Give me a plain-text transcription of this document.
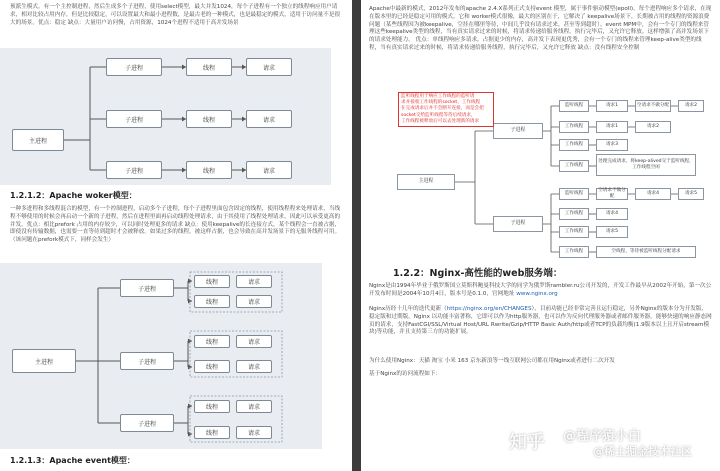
预派生模式。有一个主控制进程，然后生成多个子进程，使用select模型，最大并发1024，每个子进程有一个独立的线程响应用户请求，相对比较占用内存，但是比较稳定，可以设置最大和最小进程数，是最古老的一种模式，也是最稳定的模式，适用于访问量不是很大的场景。优点：稳定 缺点：大量用户访问慢，占用资源，1024个进程不适用于高并发场景
主进程
子进程	线程	请求
子进程	线程	请求
子进程	线程	请求
1.2.1.2：Apache woker模型：
一种多进程和多线程混合的模型，有一个控制进程，启动多个子进程，每个子进程里面包含固定的线程，使用线程程来处理请求，当线程不够使用的时候会再启动一个新的子进程，然后在进程里面再启动线程处理请求，由于其使用了线程处理请求，因此可以承受更高的并发。优点：相比prefork 占用的内存较少，可以同时处理更多的请求 缺点：使用keepalive的长连接方式，某个线程会一直被占据，即使没有传输数据，也需要一直等待到超时才会被释放。如果过多的线程，被这样占据，也会导致在高并发场景下的无服务线程可用。（该问题在prefork模式下，同样会发生）
主进程
子进程
线程	请求
线程	请求
子进程
线程	请求
线程	请求
子进程
线程	请求
线程	请求
1.2.1.3：Apache event模型：
Apache中最新的模式，2012年发布的apache 2.4.X系列正式支持event 模型，属于事件驱动模型(epoll)，每个进程响应多个请求，在现在版本里的已经是稳定可用的模式。它和 worker模式很像，最大的区别在于，它解决了 keepalive场景下，长期被占用的线程的资源浪费问题（某些线程因为被keepalive，空挂在哪里等待，中间几乎没有请求过来，甚至等到超时）。event MPM中，会有一个专门的线程来管理这些keepalive类型的线程，当有真实请求过来的时候，将请求传递给服务线程，执行完毕后，又允许它释放。这样增强了高并发场景下的请求处理能力。 优点：单线程响应多请求，占据更少的内存，高并发下表现更优秀，会有一个专门的线程来管理keep-alive类型的线程，当有真实请求过来的时候，将请求传递给服务线程，执行完毕后，又允许它释放 缺点：没有线程安全控制
主进程
子进程
监听线程	请求1	空请求不做分配	请求2
工作线程	请求1	请求2
工作线程	请求3
工作线程
处理完成请求，将keep-alived交于监听线程，工作线程空闲
子进程
监听线程
空请求不做分配
请求4	请求5
工作线程	请求4
工作线程	请求5
工作线程	空线程，等待被监听线程分配请求
监听线程用于响应工作线程的监听请
求并接收工作线程的socket，工作线程
在完成请求后并不会断开连接，而是会把
socket交给监听线程等待后续请求，
工作线程被释放后可以去处理新的请求
1.2.2：Nginx-高性能的web服务端：
Nginx是由1994年毕业于俄罗斯国立莫斯科鲍曼科技大学的同学为俄罗斯rambler.ru公司开发的，开发工作最早从2002年开始，第一次公开发布时间是2004年10月4日，版本号是0.1.0，官网地址 www.nginx.org
Nginx历经十几年的迭代更新（https://nginx.org/en/CHANGES），目前功能已经非常完善且运行稳定，另外Nginx的版本分为开发版、稳定版和过期版，Nginx 以功能丰富著称，它即可以作为http服务器，也可以作为反向代理服务器或者邮件服务器，能够快速的响应静态网页的请求，支持FastCGI/SSL/Virtual Host/URL Rwrite/Gzip/HTTP Basic Auth/http或者TCP的负载均衡(1.9版本以上且开启stream模块)等功能，并且支持第三方的功能扩展。
为什么使用Nginx：天猫 淘宝 小米 163 京东新浪等一线互联网公司都在用Nginx或者进行二次开发
基于Nginx的访问流程如下：
知乎 @程序猿小白
@稀土掘金技术社区
